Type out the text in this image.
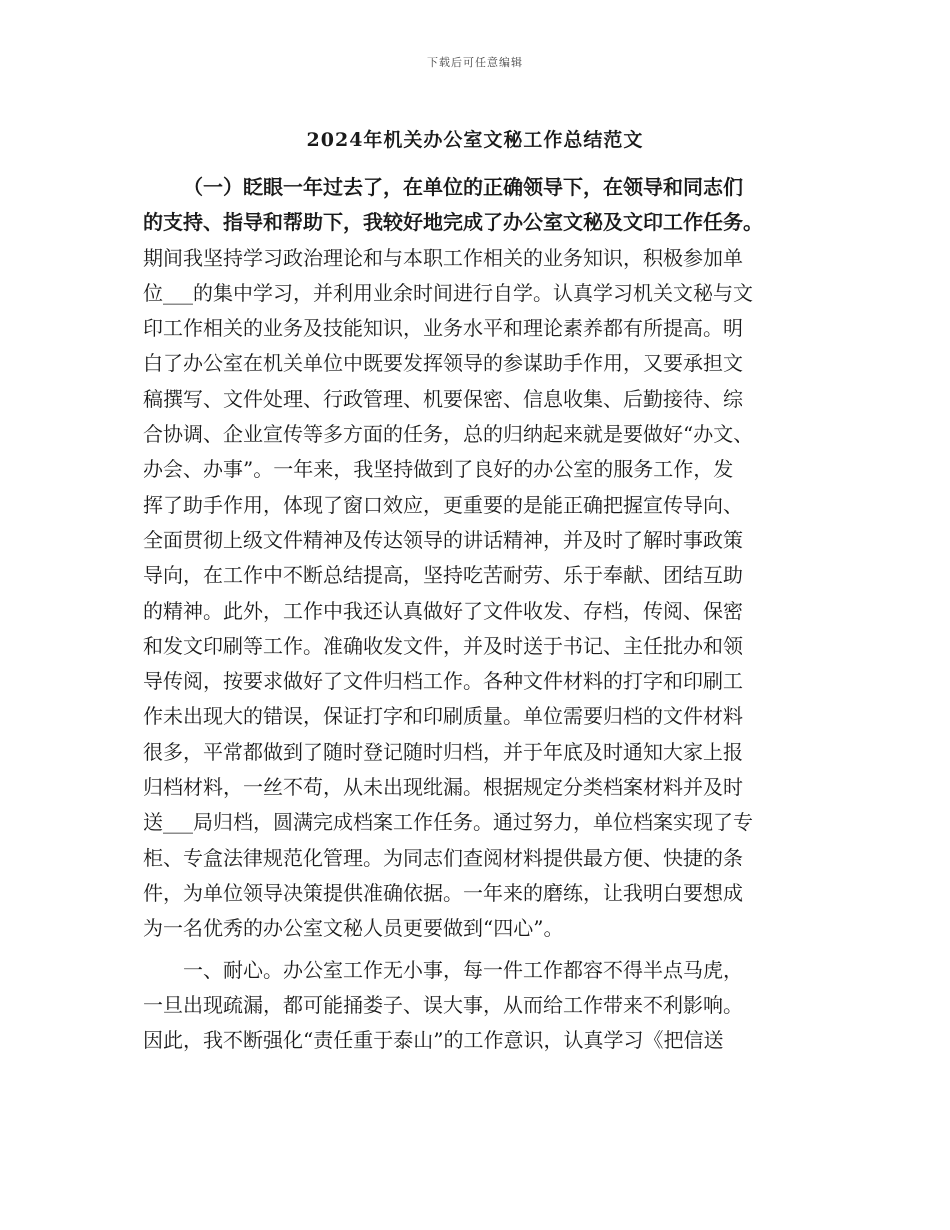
下载后可任意编辑
2024年机关办公室文秘工作总结范文
（一）眨眼一年过去了，在单位的正确领导下，在领导和同志们
的支持、指导和帮助下，我较好地完成了办公室文秘及文印工作任务。
期间我坚持学习政治理论和与本职工作相关的业务知识，积极参加单
位___的集中学习，并利用业余时间进行自学。认真学习机关文秘与文
印工作相关的业务及技能知识，业务水平和理论素养都有所提高。明
白了办公室在机关单位中既要发挥领导的参谋助手作用，又要承担文
稿撰写、文件处理、行政管理、机要保密、信息收集、后勤接待、综
合协调、企业宣传等多方面的任务，总的归纳起来就是要做好“办文、
办会、办事”。一年来，我坚持做到了良好的办公室的服务工作，发
挥了助手作用，体现了窗口效应，更重要的是能正确把握宣传导向、
全面贯彻上级文件精神及传达领导的讲话精神，并及时了解时事政策
导向，在工作中不断总结提高，坚持吃苦耐劳、乐于奉献、团结互助
的精神。此外，工作中我还认真做好了文件收发、存档，传阅、保密
和发文印刷等工作。准确收发文件，并及时送于书记、主任批办和领
导传阅，按要求做好了文件归档工作。各种文件材料的打字和印刷工
作未出现大的错误，保证打字和印刷质量。单位需要归档的文件材料
很多，平常都做到了随时登记随时归档，并于年底及时通知大家上报
归档材料，一丝不苟，从未出现纰漏。根据规定分类档案材料并及时
送___局归档，圆满完成档案工作任务。通过努力，单位档案实现了专
柜、专盒法律规范化管理。为同志们查阅材料提供最方便、快捷的条
件，为单位领导决策提供准确依据。一年来的磨练，让我明白要想成
为一名优秀的办公室文秘人员更要做到“四心”。
一、耐心。办公室工作无小事，每一件工作都容不得半点马虎，
一旦出现疏漏，都可能捅娄子、误大事，从而给工作带来不利影响。
因此，我不断强化“责任重于泰山”的工作意识，认真学习《把信送
